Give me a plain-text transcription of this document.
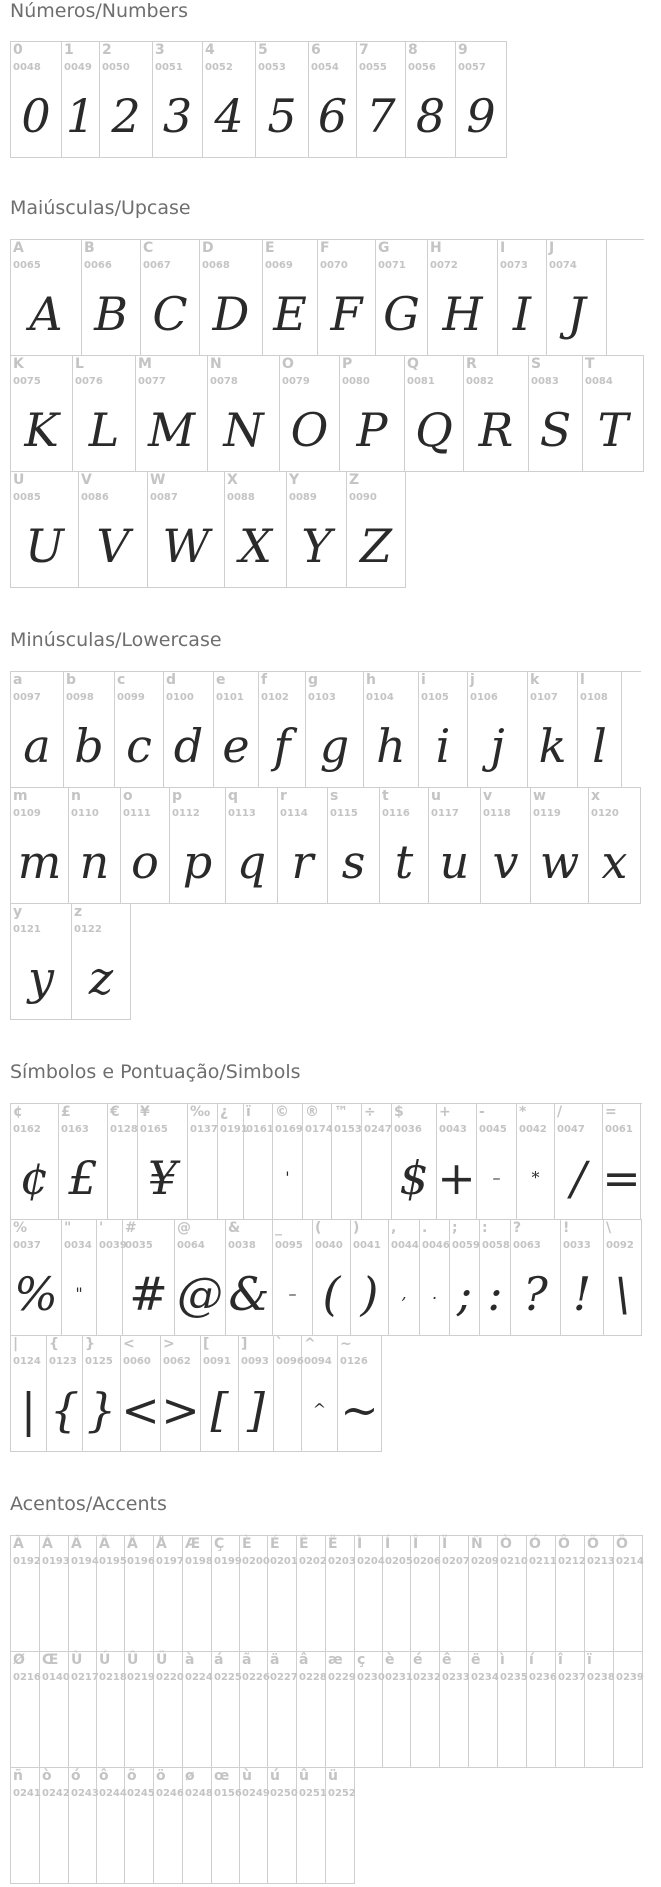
Números/Numbers
0
0048
0
1
0049
1
2
0050
2
3
0051
3
4
0052
4
5
0053
5
6
0054
6
7
0055
7
8
0056
8
9
0057
9
Maiúsculas/Upcase
A
0065
A
B
0066
B
C
0067
C
D
0068
D
E
0069
E
F
0070
F
G
0071
G
H
0072
H
I
0073
I
J
0074
J
K
0075
K
L
0076
L
M
0077
M
N
0078
N
O
0079
O
P
0080
P
Q
0081
Q
R
0082
R
S
0083
S
T
0084
T
U
0085
U
V
0086
V
W
0087
W
X
0088
X
Y
0089
Y
Z
0090
Z
Minúsculas/Lowercase
a
0097
a
b
0098
b
c
0099
c
d
0100
d
e
0101
e
f
0102
f
g
0103
g
h
0104
h
i
0105
i
j
0106
j
k
0107
k
l
0108
l
m
0109
m
n
0110
n
o
0111
o
p
0112
p
q
0113
q
r
0114
r
s
0115
s
t
0116
t
u
0117
u
v
0118
v
w
0119
w
x
0120
x
y
0121
y
z
0122
z
Símbolos e Pontuação/Simbols
¢
0162
¢
£
0163
£
€
0128
¥
0165
¥
‰
0137
¿
0191
ï
0161
©
0169
'
®
0174
™
0153
÷
0247
$
0036
$
+
0043
+
-
0045
–
*
0042
*
/
0047
/
=
0061
=
%
0037
%
"
0034
"
'
0039
#
0035
#
@
0064
@
&
0038
&
_
0095
–
(
0040
(
)
0041
)
,
0044
,
.
0046
.
;
0059
;
:
0058
:
?
0063
?
!
0033
!
\
0092
\
|
0124
|
{
0123
{
}
0125
}
<
0060
<
>
0062
>
[
0091
[
]
0093
]
`
0096
^
0094
^
~
0126
~
Acentos/Accents
À
0192
Á
0193
Â
0194
Ã
0195
Ä
0196
Å
0197
Æ
0198
Ç
0199
È
0200
É
0201
Ê
0202
Ë
0203
Ì
0204
Í
0205
Î
0206
Ï
0207
Ñ
0209
Ò
0210
Ó
0211
Ô
0212
Õ
0213
Ö
0214
Ø
0216
Œ
0140
Ù
0217
Ú
0218
Û
0219
Ü
0220
à
0224
á
0225
ã
0226
ä
0227
â
0228
æ
0229
ç
0230
è
0231
é
0232
ê
0233
ë
0234
ì
0235
í
0236
î
0237
ï
0238 0239
ñ
0241
ò
0242
ó
0243
ô
0244
õ
0245
ö
0246
ø
0248
œ
0156
ù
0249
ú
0250
û
0251
ü
0252
